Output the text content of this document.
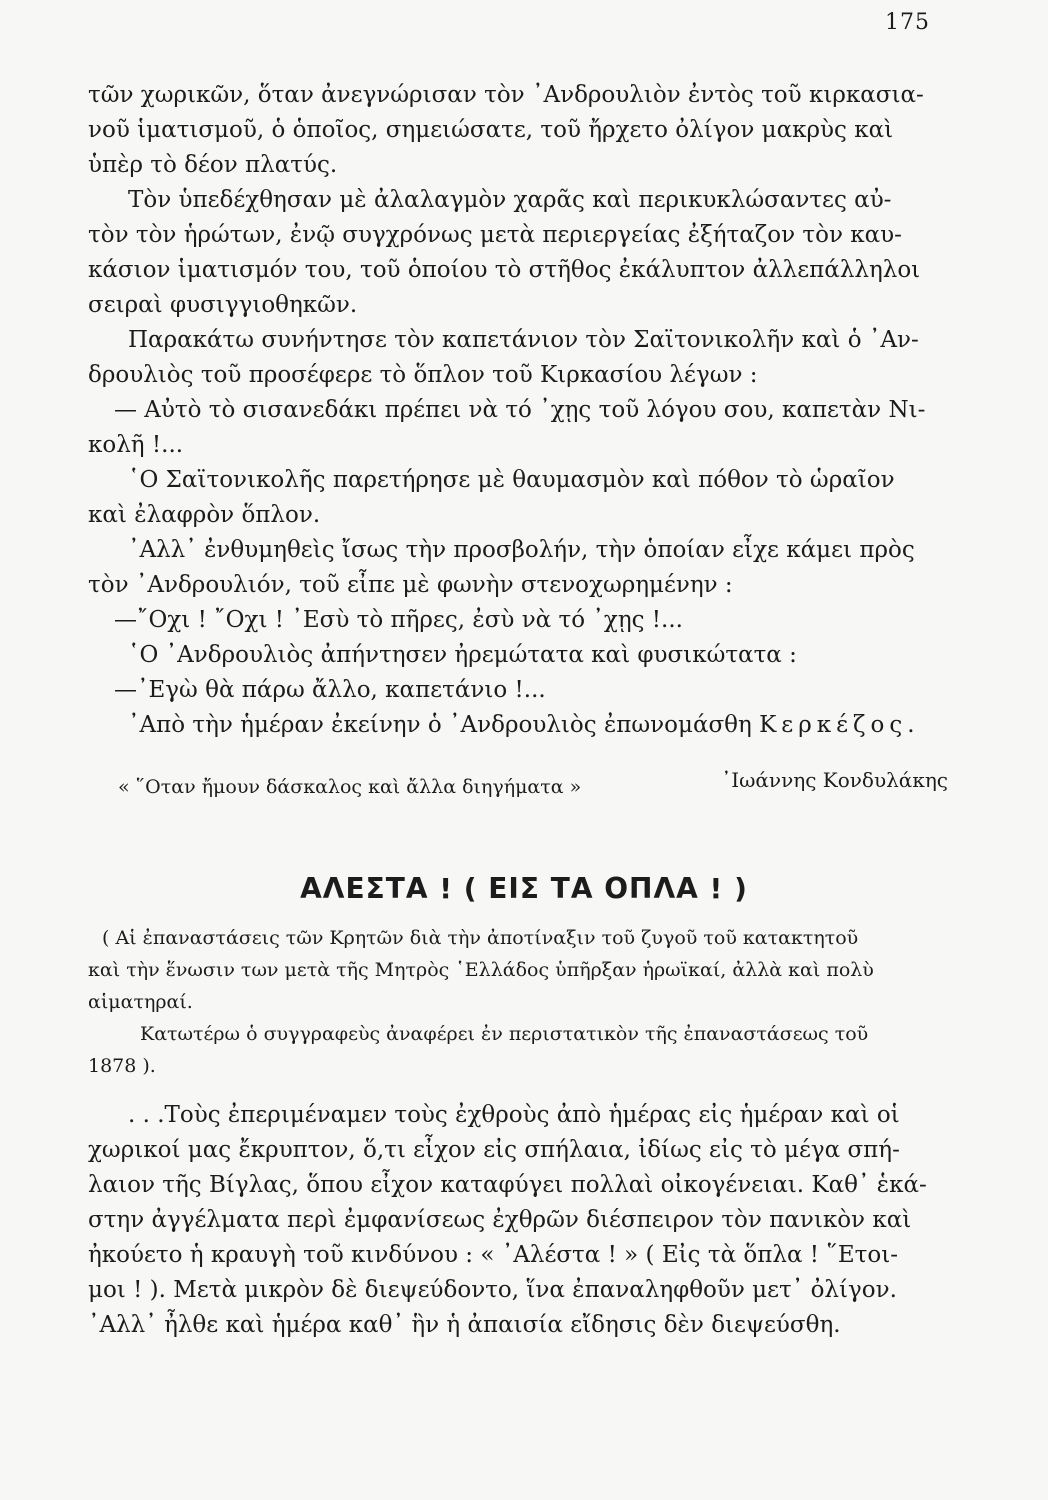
175
τῶν χωρικῶν, ὅταν ἀνεγνώρισαν τὸν ᾿Ανδρουλιὸν ἐντὸς τοῦ κιρκασια-
νοῦ ἱματισμοῦ, ὁ ὁποῖος, σημειώσατε, τοῦ ἤρχετο ὀλίγον μακρὺς καὶ
ὑπὲρ τὸ δέον πλατύς.
Τὸν ὑπεδέχθησαν μὲ ἀλαλαγμὸν χαρᾶς καὶ περικυκλώσαντες αὐ-
τὸν τὸν ἡρώτων, ἐνῷ συγχρόνως μετὰ περιεργείας ἐξήταζον τὸν καυ-
κάσιον ἱματισμόν του, τοῦ ὁποίου τὸ στῆθος ἐκάλυπτον ἀλλεπάλληλοι
σειραὶ φυσιγγιοθηκῶν.
Παρακάτω συνήντησε τὸν καπετάνιον τὸν Σαϊτονικολῆν καὶ ὁ ᾿Αν-
δρουλιὸς τοῦ προσέφερε τὸ ὅπλον τοῦ Κιρκασίου λέγων :
— Αὐτὸ τὸ σισανεδάκι πρέπει νὰ τό ᾿χῃς τοῦ λόγου σου, καπετὰν Νι-
κολῆ !...
῾Ο Σαϊτονικολῆς παρετήρησε μὲ θαυμασμὸν καὶ πόθον τὸ ὡραῖον
καὶ ἐλαφρὸν ὅπλον.
᾿Αλλ᾿ ἐνθυμηθεὶς ἴσως τὴν προσβολήν, τὴν ὁποίαν εἶχε κάμει πρὸς
τὸν ᾿Ανδρουλιόν, τοῦ εἶπε μὲ φωνὴν στενοχωρημένην :
—῎Οχι ! ῎Οχι ! ᾿Εσὺ τὸ πῆρες, ἐσὺ νὰ τό ᾿χῃς !...
῾Ο ᾿Ανδρουλιὸς ἀπήντησεν ἠρεμώτατα καὶ φυσικώτατα :
—᾿Εγὼ θὰ πάρω ἄλλο, καπετάνιο !...
᾿Απὸ τὴν ἡμέραν ἐκείνην ὁ ᾿Ανδρουλιὸς ἐπωνομάσθη Κερκέζος.
« ῞Οταν ἤμουν δάσκαλος καὶ ἄλλα διηγήματα »	᾿Ιωάννης Κονδυλάκης
ΑΛΕΣΤΑ ! ( ΕΙΣ ΤΑ ΟΠΛΑ ! )
( Αἱ ἐπαναστάσεις τῶν Κρητῶν διὰ τὴν ἀποτίναξιν τοῦ ζυγοῦ τοῦ κατακτητοῦ
καὶ τὴν ἕνωσιν των μετὰ τῆς Μητρὸς ῾Ελλάδος ὑπῆρξαν ἡρωϊκαί, ἀλλὰ καὶ πολὺ
αἱματηραί.
Κατωτέρω ὁ συγγραφεὺς ἀναφέρει ἐν περιστατικὸν τῆς ἐπαναστάσεως τοῦ
1878 ).
. . .Τοὺς ἐπεριμέναμεν τοὺς ἐχθροὺς ἀπὸ ἡμέρας εἰς ἡμέραν καὶ οἱ
χωρικοί μας ἔκρυπτον, ὅ,τι εἶχον εἰς σπήλαια, ἰδίως εἰς τὸ μέγα σπή-
λαιον τῆς Βίγλας, ὅπου εἶχον καταφύγει πολλαὶ οἰκογένειαι. Καθ᾿ ἑκά-
στην ἀγγέλματα περὶ ἐμφανίσεως ἐχθρῶν διέσπειρον τὸν πανικὸν καὶ
ἠκούετο ἡ κραυγὴ τοῦ κινδύνου : « ᾿Αλέστα ! » ( Εἰς τὰ ὅπλα ! ῞Ετοι-
μοι ! ). Μετὰ μικρὸν δὲ διεψεύδοντο, ἵνα ἐπαναληφθοῦν μετ᾿ ὀλίγον.
᾿Αλλ᾿ ἦλθε καὶ ἡμέρα καθ᾿ ἣν ἡ ἀπαισία εἴδησις δὲν διεψεύσθη.
